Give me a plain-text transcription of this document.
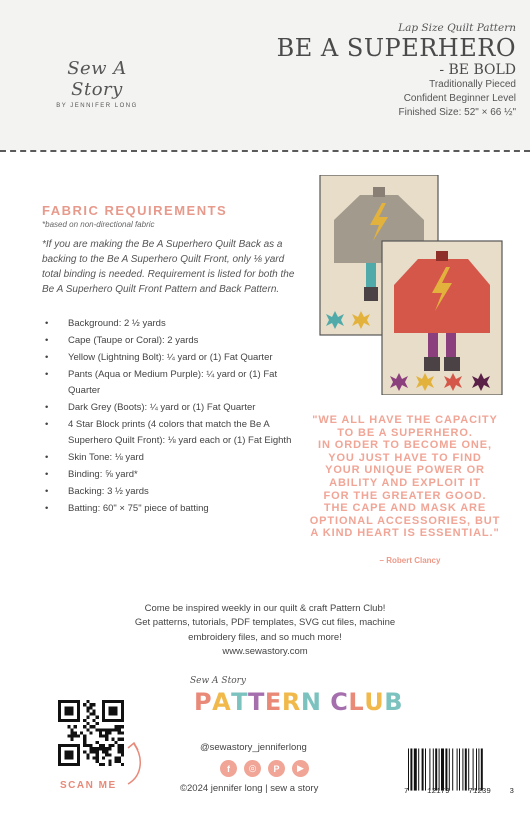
Sew A Story
BY JENNIFER LONG
Lap Size Quilt Pattern
BE A SUPERHERO
- BE BOLD
Traditionally Pieced
Confident Beginner Level
Finished Size: 52" × 66 ½"
FABRIC REQUIREMENTS
*based on non-directional fabric
*If you are making the Be A Superhero Quilt Back as a backing to the Be A Superhero Quilt Front, only ⅛ yard total binding is needed. Requirement is listed for both the Be A Superhero Quilt Front Pattern and Back Pattern.
• Background: 2 ½ yards
• Cape (Taupe or Coral): 2 yards
• Yellow (Lightning Bolt): ¼ yard or (1) Fat Quarter
• Pants (Aqua or Medium Purple): ¼ yard or (1) Fat Quarter
• Dark Grey (Boots): ¼ yard or (1) Fat Quarter
• 4 Star Block prints (4 colors that match the Be A Superhero Quilt Front): ⅛ yard each or (1) Fat Eighth
• Skin Tone: ⅛ yard
• Binding: ⅝ yard*
• Backing: 3 ½ yards
• Batting: 60" × 75" piece of batting
"WE ALL HAVE THE CAPACITY
TO BE A SUPERHERO.
IN ORDER TO BECOME ONE,
YOU JUST HAVE TO FIND
YOUR UNIQUE POWER OR
ABILITY AND EXPLOIT IT
FOR THE GREATER GOOD.
THE CAPE AND MASK ARE
OPTIONAL ACCESSORIES, BUT
A KIND HEART IS ESSENTIAL."
– Robert Clancy
Come be inspired weekly in our quilt & craft Pattern Club!
Get patterns, tutorials, PDF templates, SVG cut files, machine
embroidery files, and so much more!
www.sewastory.com
Sew A Story
PATTERN CLUB
SCAN ME
@sewastory_jenniferlong
f	◎	P	▶
©2024 jennifer long | sew a story	7 12179 71239 3
